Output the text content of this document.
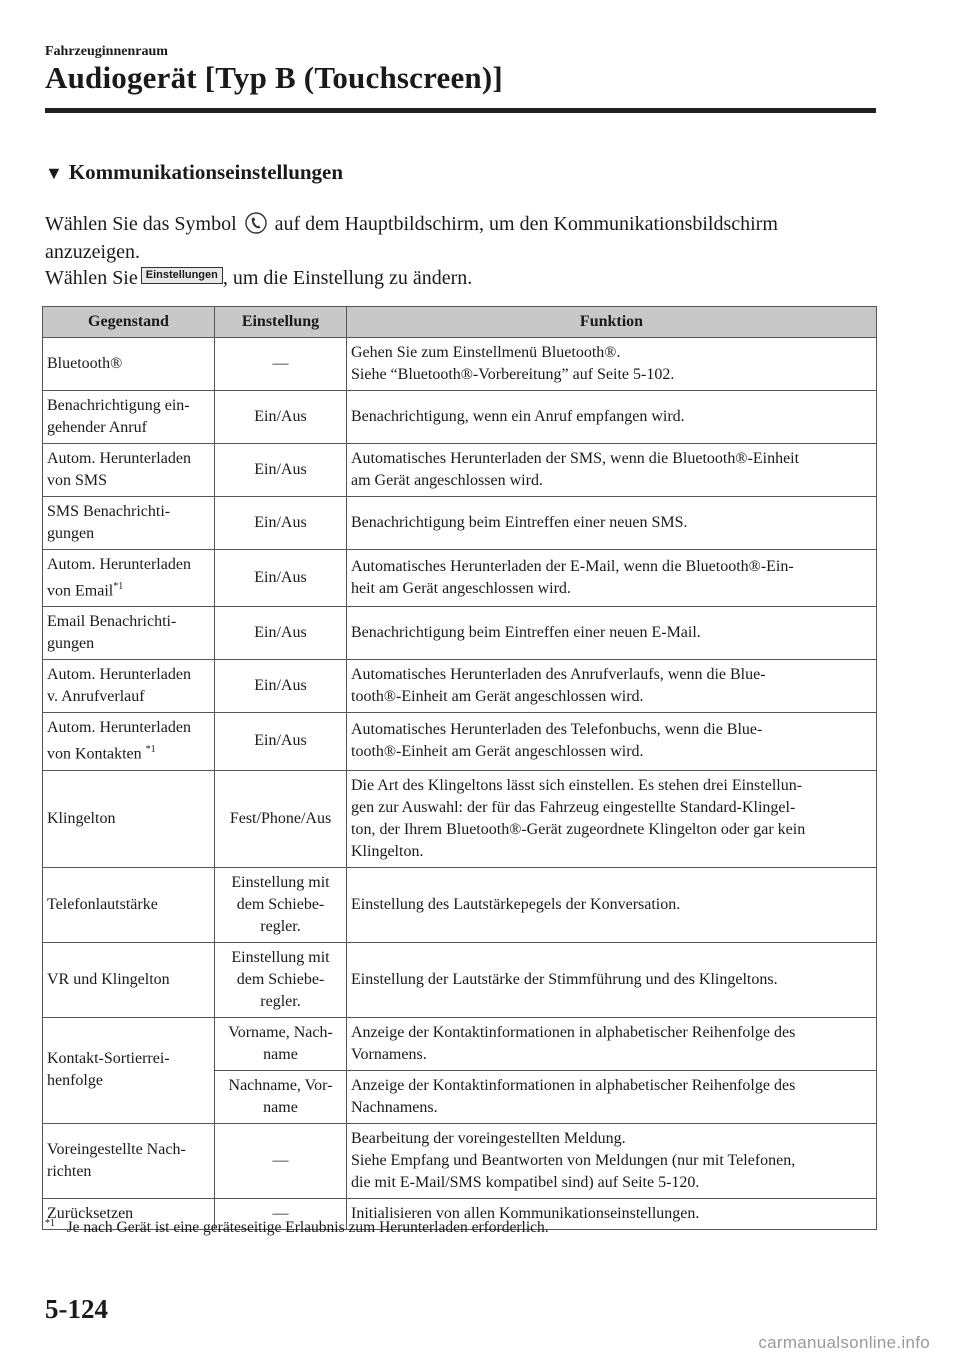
Fahrzeuginnenraum
Audiogerät [Typ B (Touchscreen)]
▼ Kommunikationseinstellungen
Wählen Sie das Symbol auf dem Hauptbildschirm, um den Kommunikationsbildschirm
anzuzeigen.
Wählen Sie Einstellungen , um die Einstellung zu ändern.
Gegenstand	Einstellung	Funktion
Bluetooth®	—	Gehen Sie zum Einstellmenü Bluetooth®.
Siehe “Bluetooth®-Vorbereitung” auf Seite 5-102.
Benachrichtigung ein-
gehender Anruf	Ein/Aus	Benachrichtigung, wenn ein Anruf empfangen wird.
Autom. Herunterladen
von SMS	Ein/Aus	Automatisches Herunterladen der SMS, wenn die Bluetooth®-Einheit
am Gerät angeschlossen wird.
SMS Benachrichti-
gungen	Ein/Aus	Benachrichtigung beim Eintreffen einer neuen SMS.
Autom. Herunterladen
von Email$^{*1}$	Ein/Aus	Automatisches Herunterladen der E-Mail, wenn die Bluetooth®-Ein-
heit am Gerät angeschlossen wird.
Email Benachrichti-
gungen	Ein/Aus	Benachrichtigung beim Eintreffen einer neuen E-Mail.
Autom. Herunterladen
v. Anrufverlauf	Ein/Aus	Automatisches Herunterladen des Anrufverlaufs, wenn die Blue-
tooth®-Einheit am Gerät angeschlossen wird.
Autom. Herunterladen
von Kontakten $^{*1}$	Ein/Aus	Automatisches Herunterladen des Telefonbuchs, wenn die Blue-
tooth®-Einheit am Gerät angeschlossen wird.
Klingelton	Fest/Phone/Aus	Die Art des Klingeltons lässt sich einstellen. Es stehen drei Einstellun-
gen zur Auswahl: der für das Fahrzeug eingestellte Standard-Klingel-
ton, der Ihrem Bluetooth®-Gerät zugeordnete Klingelton oder gar kein
Klingelton.
Telefonlautstärke	Einstellung mit
dem Schiebe-
regler.	Einstellung des Lautstärkepegels der Konversation.
VR und Klingelton	Einstellung mit
dem Schiebe-
regler.	Einstellung der Lautstärke der Stimmführung und des Klingeltons.
Kontakt-Sortierrei-
henfolge	Vorname, Nach-
name	Anzeige der Kontaktinformationen in alphabetischer Reihenfolge des
Vornamens.
	Nachname, Vor-
name	Anzeige der Kontaktinformationen in alphabetischer Reihenfolge des
Nachnamens.
Voreingestellte Nach-
richten	—	Bearbeitung der voreingestellten Meldung.
Siehe Empfang und Beantworten von Meldungen (nur mit Telefonen,
die mit E-Mail/SMS kompatibel sind) auf Seite 5-120.
Zurücksetzen	—	Initialisieren von allen Kommunikationseinstellungen.
$^{*1}$ Je nach Gerät ist eine geräteseitige Erlaubnis zum Herunterladen erforderlich.
5-124
carmanualsonline.info
